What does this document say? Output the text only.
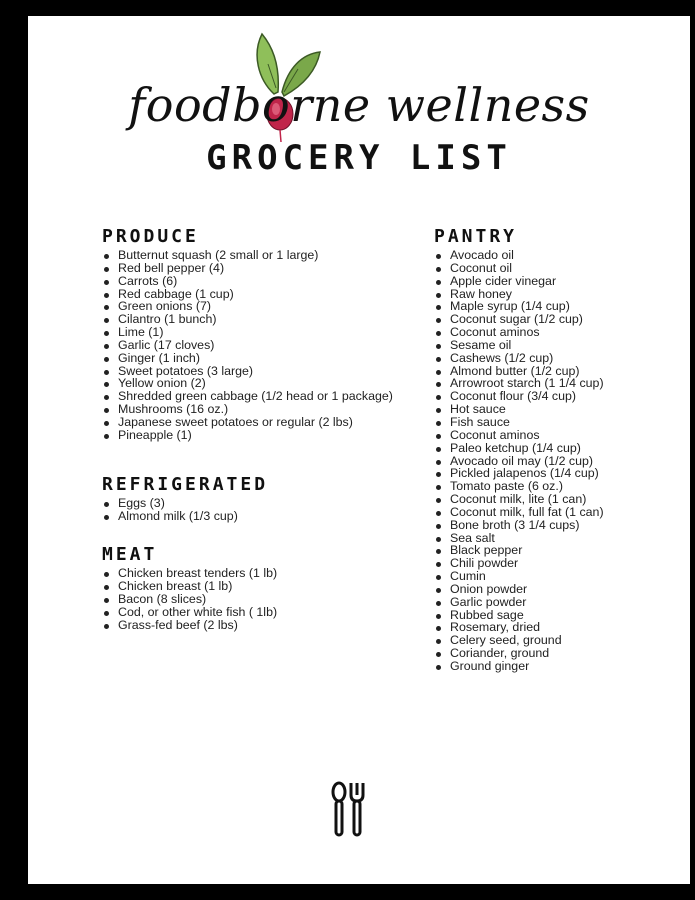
foodborne wellness
GROCERY LIST
PRODUCE
Butternut squash (2 small or 1 large)
Red bell pepper (4)
Carrots (6)
Red cabbage (1 cup)
Green onions (7)
Cilantro (1 bunch)
Lime (1)
Garlic (17 cloves)
Ginger (1 inch)
Sweet potatoes (3 large)
Yellow onion (2)
Shredded green cabbage (1/2 head or 1 package)
Mushrooms (16 oz.)
Japanese sweet potatoes or regular (2 lbs)
Pineapple (1)
REFRIGERATED
Eggs (3)
Almond milk (1/3 cup)
MEAT
Chicken breast tenders (1 lb)
Chicken breast (1 lb)
Bacon (8 slices)
Cod, or other white fish ( 1lb)
Grass-fed beef (2 lbs)
PANTRY
Avocado oil
Coconut oil
Apple cider vinegar
Raw honey
Maple syrup (1/4 cup)
Coconut sugar (1/2 cup)
Coconut aminos
Sesame oil
Cashews (1/2 cup)
Almond butter (1/2 cup)
Arrowroot starch (1 1/4 cup)
Coconut flour (3/4 cup)
Hot sauce
Fish sauce
Coconut aminos
Paleo ketchup (1/4 cup)
Avocado oil may (1/2 cup)
Pickled jalapenos (1/4 cup)
Tomato paste (6 oz.)
Coconut milk, lite (1 can)
Coconut milk, full fat (1 can)
Bone broth (3 1/4 cups)
Sea salt
Black pepper
Chili powder
Cumin
Onion powder
Garlic powder
Rubbed sage
Rosemary, dried
Celery seed, ground
Coriander, ground
Ground ginger
